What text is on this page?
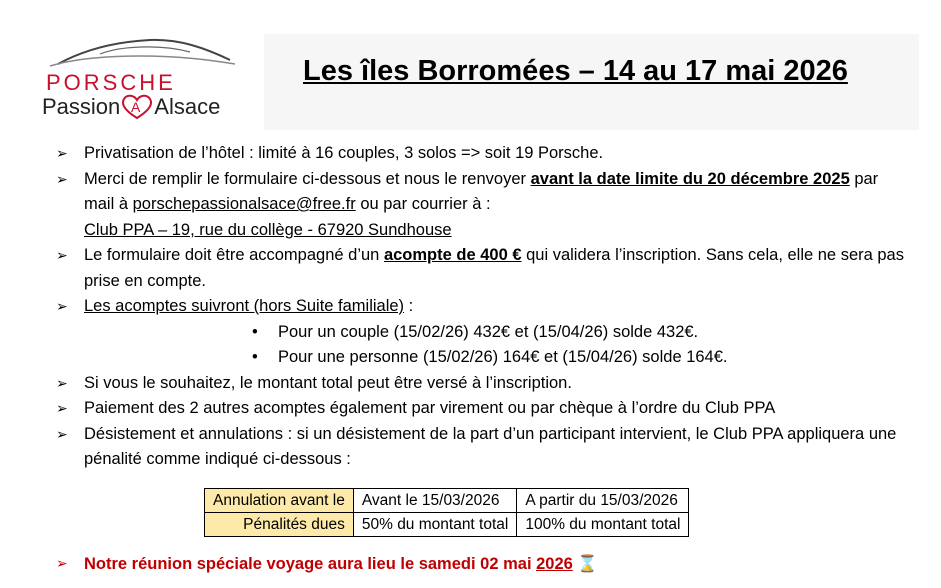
PORSCHE
Passion A Alsace
Les îles Borromées – 14 au 17 mai 2026
➢ Privatisation de l’hôtel : limité à 16 couples, 3 solos => soit 19 Porsche.
➢ Merci de remplir le formulaire ci-dessous et nous le renvoyer avant la date limite du 20 décembre 2025 par mail à porschepassionalsace@free.fr ou par courrier à :
Club PPA – 19, rue du collège - 67920 Sundhouse
➢ Le formulaire doit être accompagné d’un acompte de 400 € qui validera l’inscription. Sans cela, elle ne sera pas prise en compte.
➢ Les acomptes suivront (hors Suite familiale) :
• Pour un couple (15/02/26) 432€ et (15/04/26) solde 432€.
• Pour une personne (15/02/26) 164€ et (15/04/26) solde 164€.
➢ Si vous le souhaitez, le montant total peut être versé à l’inscription.
➢ Paiement des 2 autres acomptes également par virement ou par chèque à l’ordre du Club PPA
➢ Désistement et annulations : si un désistement de la part d’un participant intervient, le Club PPA appliquera une pénalité comme indiqué ci-dessous :
Annulation avant le	Avant le 15/03/2026	A partir du 15/03/2026
Pénalités dues	50% du montant total	100% du montant total
➢ Notre réunion spéciale voyage aura lieu le samedi 02 mai 2026 ⌛
